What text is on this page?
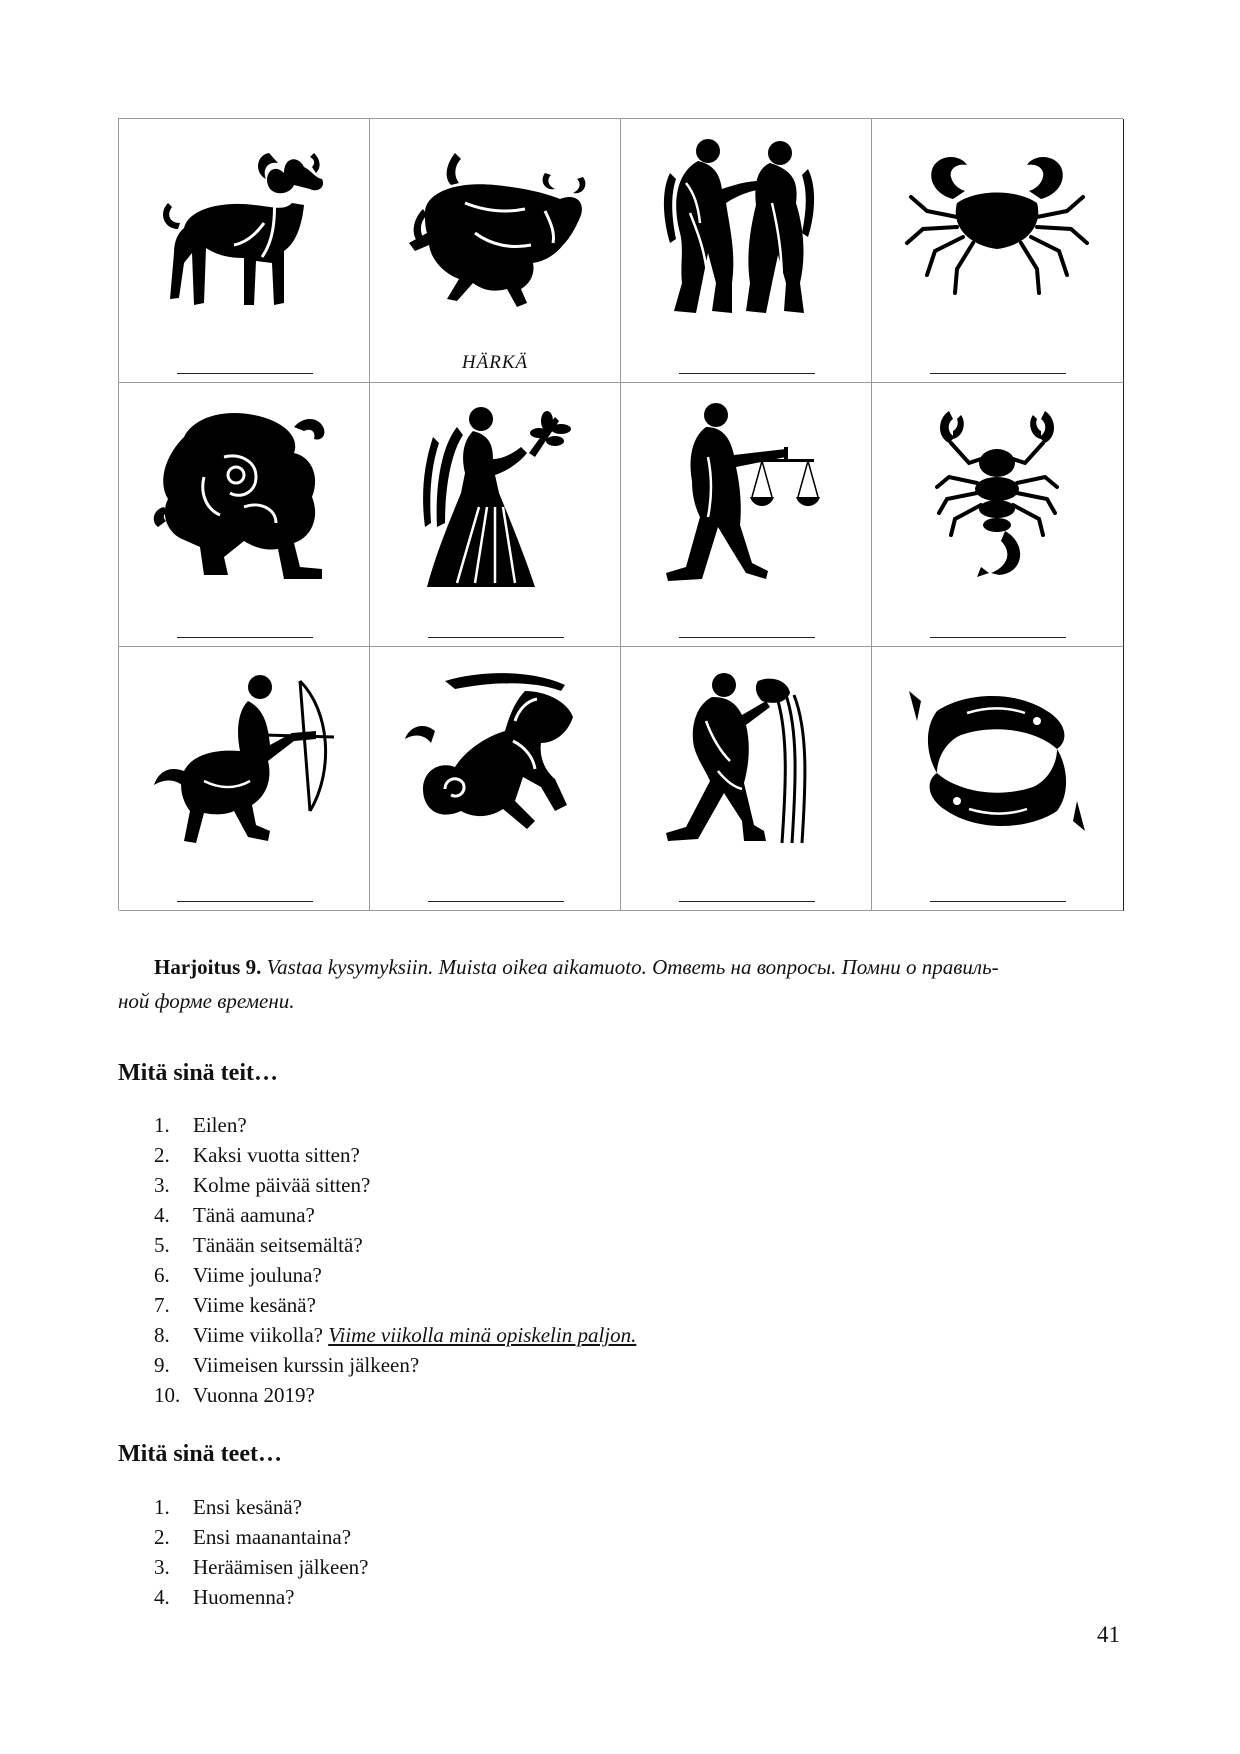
HÄRKÄ
Harjoitus 9. Vastaa kysymyksiin. Muista oikea aikamuoto. Ответь на вопросы. Помни о правиль-
ной форме времени.
Mitä sinä teit…
1. Eilen?
2. Kaksi vuotta sitten?
3. Kolme päivää sitten?
4. Tänä aamuna?
5. Tänään seitsemältä?
6. Viime jouluna?
7. Viime kesänä?
8. Viime viikolla? Viime viikolla minä opiskelin paljon.
9. Viimeisen kurssin jälkeen?
10. Vuonna 2019?
Mitä sinä teet…
1. Ensi kesänä?
2. Ensi maanantaina?
3. Heräämisen jälkeen?
4. Huomenna?
41
